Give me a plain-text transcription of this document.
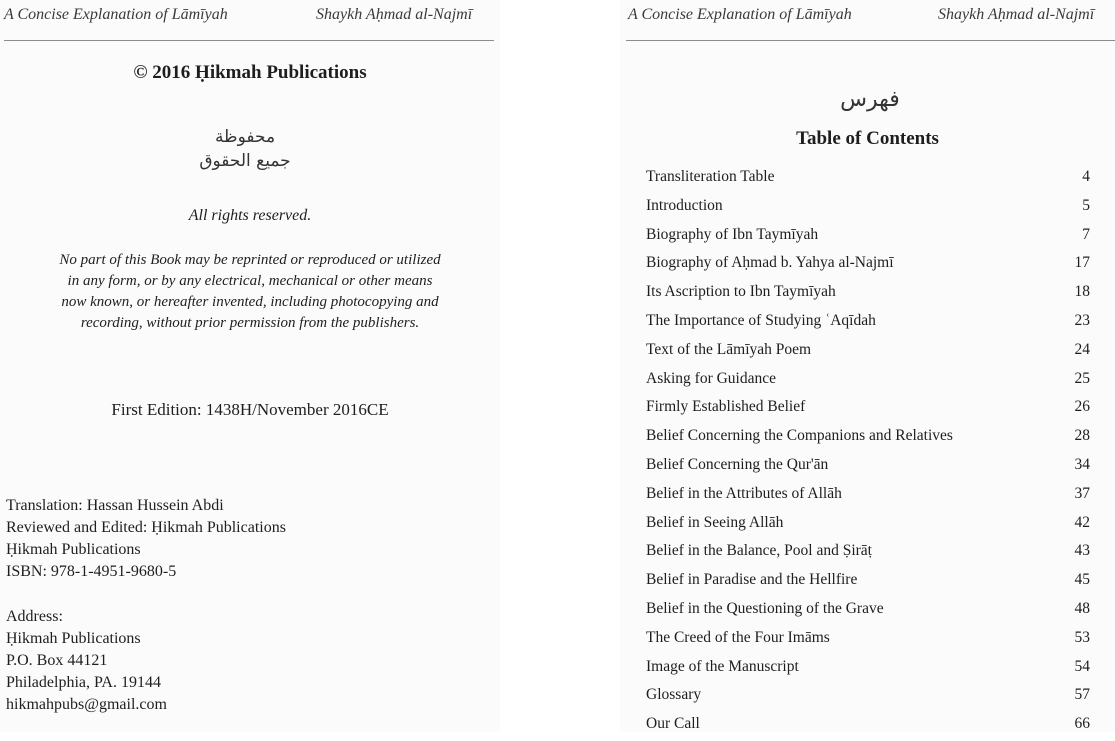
A Concise Explanation of Lāmīyah	Shaykh Aḥmad al-Najmī
© 2016 Ḥikmah Publications
محفوظة
جميع الحقوق
All rights reserved.
No part of this Book may be reprinted or reproduced or utilized
in any form, or by any electrical, mechanical or other means
now known, or hereafter invented, including photocopying and
recording, without prior permission from the publishers.
First Edition: 1438H/November 2016CE
Translation: Hassan Hussein Abdi
Reviewed and Edited: Ḥikmah Publications
Ḥikmah Publications
ISBN: 978-1-4951-9680-5
Address:
Ḥikmah Publications
P.O. Box 44121
Philadelphia, PA. 19144
hikmahpubs@gmail.com
A Concise Explanation of Lāmīyah	Shaykh Aḥmad al-Najmī
فهرس
Table of Contents
Transliteration Table	4
Introduction	5
Biography of Ibn Taymīyah	7
Biography of Aḥmad b. Yahya al-Najmī	17
Its Ascription to Ibn Taymīyah	18
The Importance of Studying ʿAqīdah	23
Text of the Lāmīyah Poem	24
Asking for Guidance	25
Firmly Established Belief	26
Belief Concerning the Companions and Relatives	28
Belief Concerning the Qur'ān	34
Belief in the Attributes of Allāh	37
Belief in Seeing Allāh	42
Belief in the Balance, Pool and Ṣirāṭ	43
Belief in Paradise and the Hellfire	45
Belief in the Questioning of the Grave	48
The Creed of the Four Imāms	53
Image of the Manuscript	54
Glossary	57
Our Call	66
